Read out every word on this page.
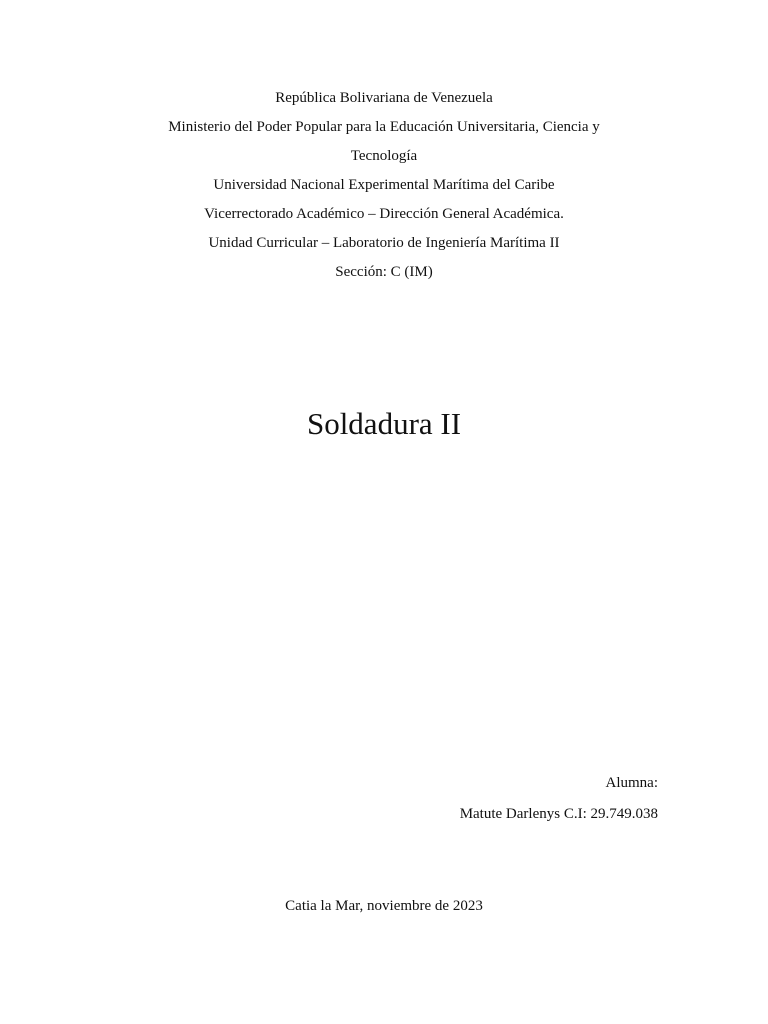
República Bolivariana de Venezuela
Ministerio del Poder Popular para la Educación Universitaria, Ciencia y
Tecnología
Universidad Nacional Experimental Marítima del Caribe
Vicerrectorado Académico – Dirección General Académica.
Unidad Curricular – Laboratorio de Ingeniería Marítima II
Sección: C (IM)
Soldadura II
Alumna:
Matute Darlenys C.I: 29.749.038
Catia la Mar, noviembre de 2023
